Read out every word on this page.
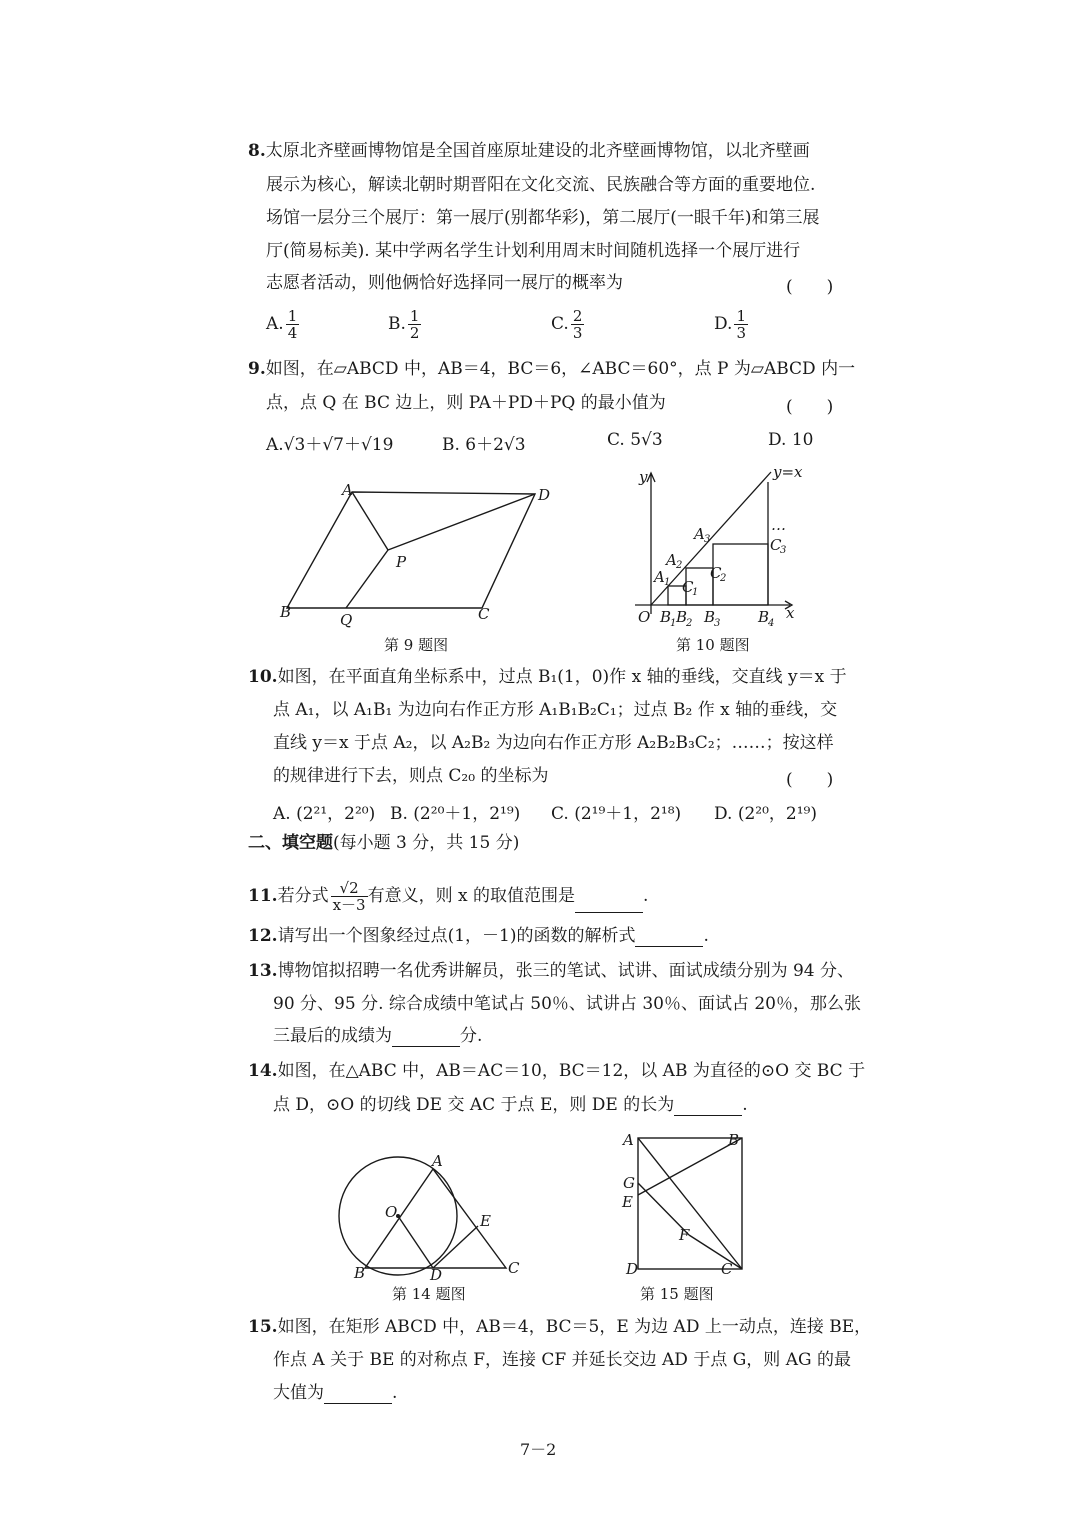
8.太原北齐壁画博物馆是全国首座原址建设的北齐壁画博物馆，以北齐壁画
展示为核心，解读北朝时期晋阳在文化交流、民族融合等方面的重要地位.
场馆一层分三个展厅：第一展厅(别都华彩)，第二展厅(一眼千年)和第三展
厅(简易标美). 某中学两名学生计划利用周末时间随机选择一个展厅进行
志愿者活动，则他俩恰好选择同一展厅的概率为	(　　)
A. $\frac{1}{4}$	B. $\frac{1}{2}$	C. $\frac{2}{3}$	D. $\frac{1}{3}$
9.如图，在▱ABCD 中，AB＝4，BC＝6，∠ABC＝60°，点 P 为▱ABCD 内一
点，点 Q 在 BC 边上，则 PA＋PD＋PQ 的最小值为	(　　)
A.√3＋√7＋√19	B. 6＋2√3	C. 5√3	D. 10
A	D
P
B	Q	C
第 9 题图
y	y=x
…
A 1
A 2
A 3
C
1
C
2
C
3
O B
1 B
2 B
3	B
4
x
第 10 题图
10.如图，在平面直角坐标系中，过点 B₁(1，0)作 x 轴的垂线，交直线 y＝x 于
点 A₁，以 A₁B₁ 为边向右作正方形 A₁B₁B₂C₁；过点 B₂ 作 x 轴的垂线，交
直线 y＝x 于点 A₂，以 A₂B₂ 为边向右作正方形 A₂B₂B₃C₂；……；按这样
的规律进行下去，则点 C₂₀ 的坐标为	(　　)
A. (2²¹，2²⁰) B. (2²⁰＋1，2¹⁹) C. (2¹⁹＋1，2¹⁸) D. (2²⁰，2¹⁹)
二、填空题(每小题 3 分，共 15 分)
11.若分式 $\frac{√2}{x-3}$ 有意义，则 x 的取值范围是	.
12.请写出一个图象经过点(1，－1)的函数的解析式	.
13.博物馆拟招聘一名优秀讲解员，张三的笔试、试讲、面试成绩分别为 94 分、
90 分、95 分. 综合成绩中笔试占 50％、试讲占 30％、面试占 20％，那么张
三最后的成绩为	分.
14.如图，在△ABC 中，AB＝AC＝10，BC＝12，以 AB 为直径的⊙O 交 BC 于
点 D，⊙O 的切线 DE 交 AC 于点 E，则 DE 的长为	.
A
O	E
B	D	C
第 14 题图
A	B
G
E
F
D	C
第 15 题图
15.如图，在矩形 ABCD 中，AB＝4，BC＝5，E 为边 AD 上一动点，连接 BE，
作点 A 关于 BE 的对称点 F，连接 CF 并延长交边 AD 于点 G，则 AG 的最
大值为	.
7－2
